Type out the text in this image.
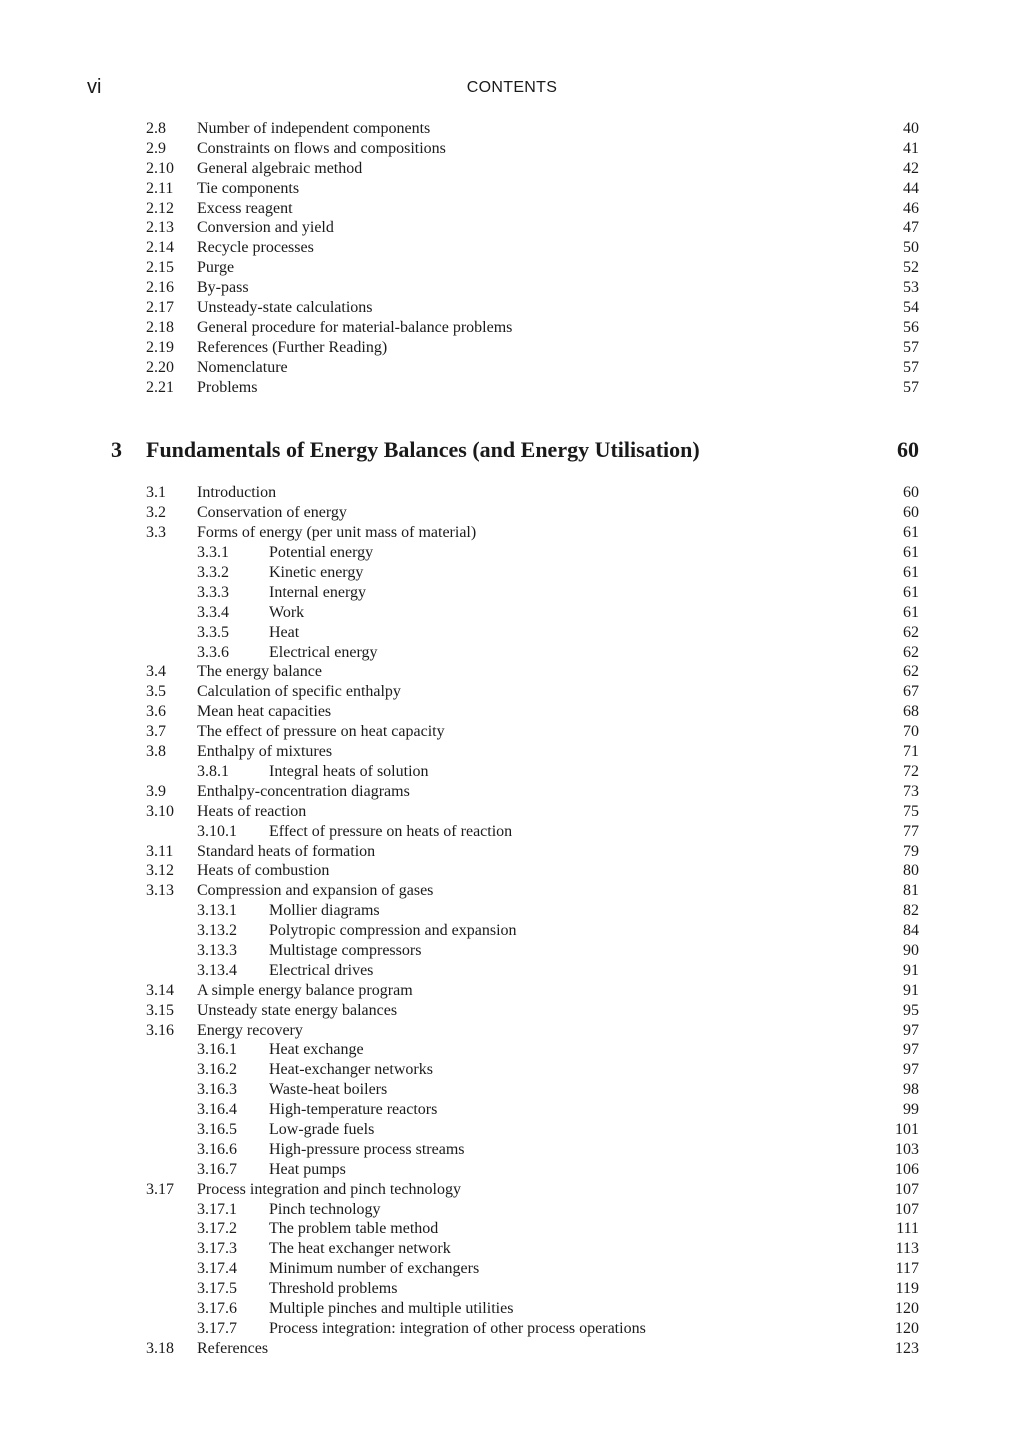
vi	CONTENTS
2.8 Number of independent components	40
2.9 Constraints on flows and compositions	41
2.10 General algebraic method	42
2.11 Tie components	44
2.12 Excess reagent	46
2.13 Conversion and yield	47
2.14 Recycle processes	50
2.15 Purge	52
2.16 By-pass	53
2.17 Unsteady-state calculations	54
2.18 General procedure for material-balance problems	56
2.19 References (Further Reading)	57
2.20 Nomenclature	57
2.21 Problems	57
3 Fundamentals of Energy Balances (and Energy Utilisation)	60
3.1 Introduction	60
3.2 Conservation of energy	60
3.3 Forms of energy (per unit mass of material)	61
3.3.1	Potential energy	61
3.3.2	Kinetic energy	61
3.3.3	Internal energy	61
3.3.4	Work	61
3.3.5	Heat	62
3.3.6	Electrical energy	62
3.4 The energy balance	62
3.5 Calculation of specific enthalpy	67
3.6 Mean heat capacities	68
3.7 The effect of pressure on heat capacity	70
3.8 Enthalpy of mixtures	71
3.8.1	Integral heats of solution	72
3.9 Enthalpy-concentration diagrams	73
3.10 Heats of reaction	75
3.10.1 Effect of pressure on heats of reaction	77
3.11 Standard heats of formation	79
3.12 Heats of combustion	80
3.13 Compression and expansion of gases	81
3.13.1 Mollier diagrams	82
3.13.2 Polytropic compression and expansion	84
3.13.3 Multistage compressors	90
3.13.4 Electrical drives	91
3.14 A simple energy balance program	91
3.15 Unsteady state energy balances	95
3.16 Energy recovery	97
3.16.1 Heat exchange	97
3.16.2 Heat-exchanger networks	97
3.16.3 Waste-heat boilers	98
3.16.4 High-temperature reactors	99
3.16.5 Low-grade fuels	101
3.16.6 High-pressure process streams	103
3.16.7 Heat pumps	106
3.17 Process integration and pinch technology	107
3.17.1 Pinch technology	107
3.17.2 The problem table method	111
3.17.3 The heat exchanger network	113
3.17.4 Minimum number of exchangers	117
3.17.5 Threshold problems	119
3.17.6 Multiple pinches and multiple utilities	120
3.17.7 Process integration: integration of other process operations	120
3.18 References	123
